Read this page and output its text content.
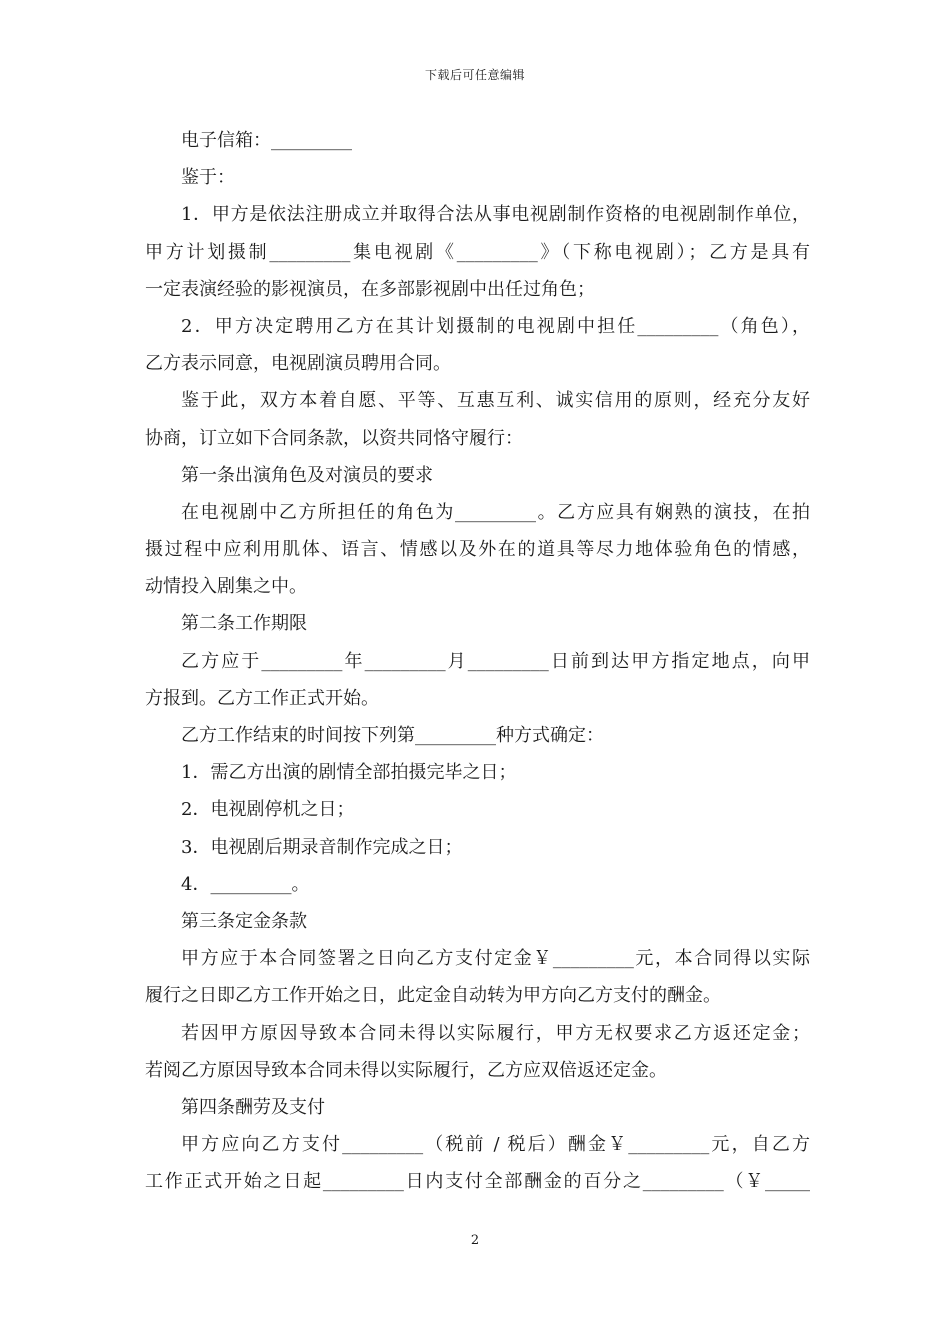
下载后可任意编辑
电子信箱：_________
鉴于：
1．甲方是依法注册成立并取得合法从事电视剧制作资格的电视剧制作单位，
甲方计划摄制_________集电视剧《_________》（下称电视剧）；乙方是具有
一定表演经验的影视演员，在多部影视剧中出任过角色；
2．甲方决定聘用乙方在其计划摄制的电视剧中担任_________（角色），
乙方表示同意，电视剧演员聘用合同。
鉴于此，双方本着自愿、平等、互惠互利、诚实信用的原则，经充分友好
协商，订立如下合同条款，以资共同恪守履行：
第一条出演角色及对演员的要求
在电视剧中乙方所担任的角色为_________。乙方应具有娴熟的演技，在拍
摄过程中应利用肌体、语言、情感以及外在的道具等尽力地体验角色的情感，
动情投入剧集之中。
第二条工作期限
乙方应于_________年_________月_________日前到达甲方指定地点，向甲
方报到。乙方工作正式开始。
乙方工作结束的时间按下列第_________种方式确定：
1．需乙方出演的剧情全部拍摄完毕之日；
2．电视剧停机之日；
3．电视剧后期录音制作完成之日；
4．_________。
第三条定金条款
甲方应于本合同签署之日向乙方支付定金￥_________元，本合同得以实际
履行之日即乙方工作开始之日，此定金自动转为甲方向乙方支付的酬金。
若因甲方原因导致本合同未得以实际履行，甲方无权要求乙方返还定金；
若阅乙方原因导致本合同未得以实际履行，乙方应双倍返还定金。
第四条酬劳及支付
甲方应向乙方支付_________（税前 / 税后）酬金￥_________元，自乙方
工作正式开始之日起_________日内支付全部酬金的百分之_________（￥_____
2
